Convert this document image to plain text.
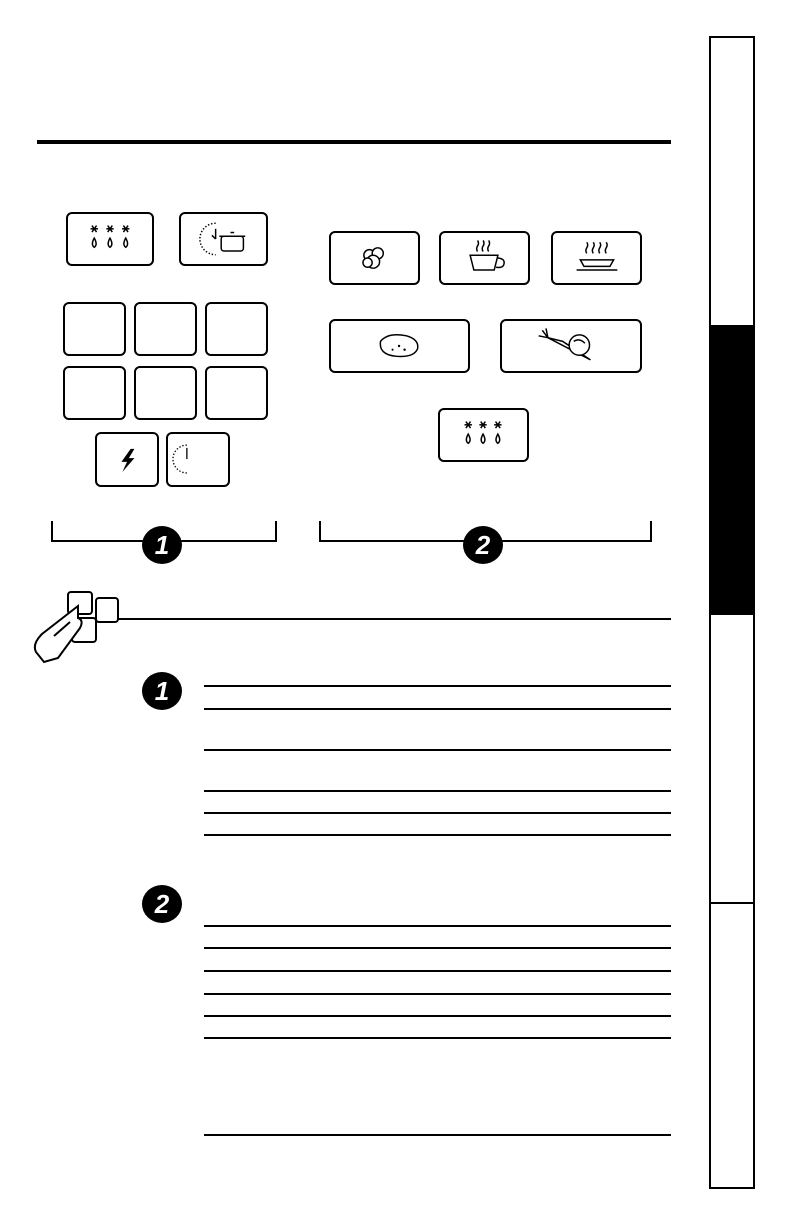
1	2
1
2
